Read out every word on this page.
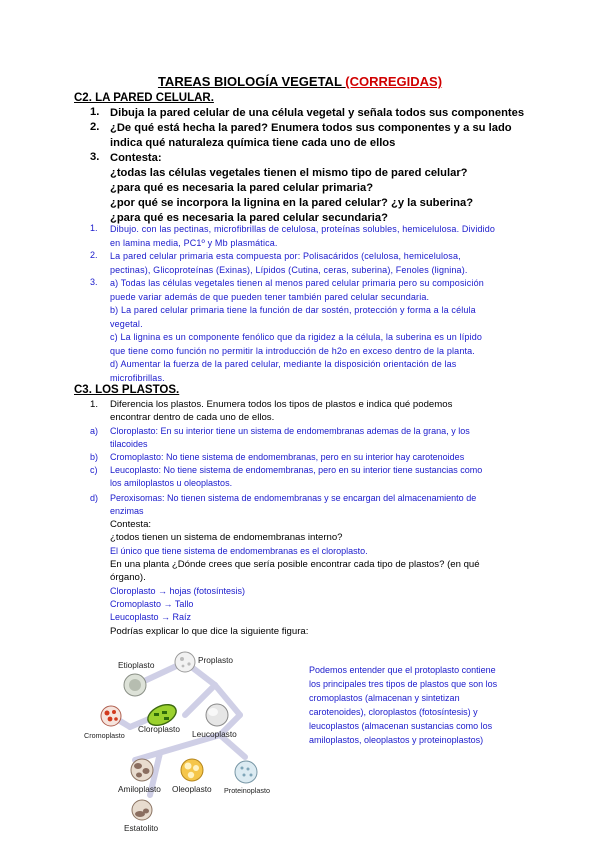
TAREAS BIOLOGÍA VEGETAL (CORREGIDAS)
C2. LA PARED CELULAR.
1. Dibuja la pared celular de una célula vegetal y señala todos sus componentes
2. ¿De qué está hecha la pared? Enumera todos sus componentes y a su lado
indica qué naturaleza química tiene cada uno de ellos
3. Contesta:
¿todas las células vegetales tienen el mismo tipo de pared celular?
¿para qué es necesaria la pared celular primaria?
¿por qué se incorpora la lignina en la pared celular? ¿y la suberina?
¿para qué es necesaria la pared celular secundaria?
1. Dibujo. con las pectinas, microfibrillas de celulosa, proteínas solubles, hemicelulosa. Dividido
en lamina media, PC1º y Mb plasmática.
2. La pared celular primaria esta compuesta por: Polisacáridos (celulosa, hemicelulosa,
pectinas), Glicoproteínas (Exinas), Lípidos (Cutina, ceras, suberina), Fenoles (lignina).
3. a) Todas las células vegetales tienen al menos pared celular primaria pero su composición
puede variar además de que pueden tener también pared celular secundaria.
b) La pared celular primaria tiene la función de dar sostén, protección y forma a la célula
vegetal.
c) La lignina es un componente fenólico que da rigidez a la célula, la suberina es un lípido
que tiene como función no permitir la introducción de h2o en exceso dentro de la planta.
d) Aumentar la fuerza de la pared celular, mediante la disposición orientación de las
microfibrillas.
C3. LOS PLASTOS.
1. Diferencia los plastos. Enumera todos los tipos de plastos e indica qué podemos
encontrar dentro de cada uno de ellos.
a) Cloroplasto: En su interior tiene un sistema de endomembranas ademas de la grana, y los
tilacoides
b) Cromoplasto: No tiene sistema de endomembranas, pero en su interior hay carotenoides
c) Leucoplasto: No tiene sistema de endomembranas, pero en su interior tiene sustancias como
los amiloplastos u oleoplastos.
d) Peroxisomas: No tienen sistema de endomembranas y se encargan del almacenamiento de
enzimas
Contesta:
¿todos tienen un sistema de endomembranas interno?
El único que tiene sistema de endomembranas es el cloroplasto.
En una planta ¿Dónde crees que sería posible encontrar cada tipo de plastos? (en qué
órgano).
Cloroplasto → hojas (fotosíntesis)
Cromoplasto → Tallo
Leucoplasto → Raíz
Podrías explicar lo que dice la siguiente figura:
Etioplasto	Proplasto
Cromoplasto
Cloroplasto Leucoplasto
Amiloplasto Oleoplasto Proteinoplasto
Estatolito
Podemos entender que el protoplasto contiene
los principales tres tipos de plastos que son los
cromoplastos (almacenan y sintetizan
carotenoides), cloroplastos (fotosíntesis) y
leucoplastos (almacenan sustancias como los
amiloplastos, oleoplastos y proteinoplastos)
